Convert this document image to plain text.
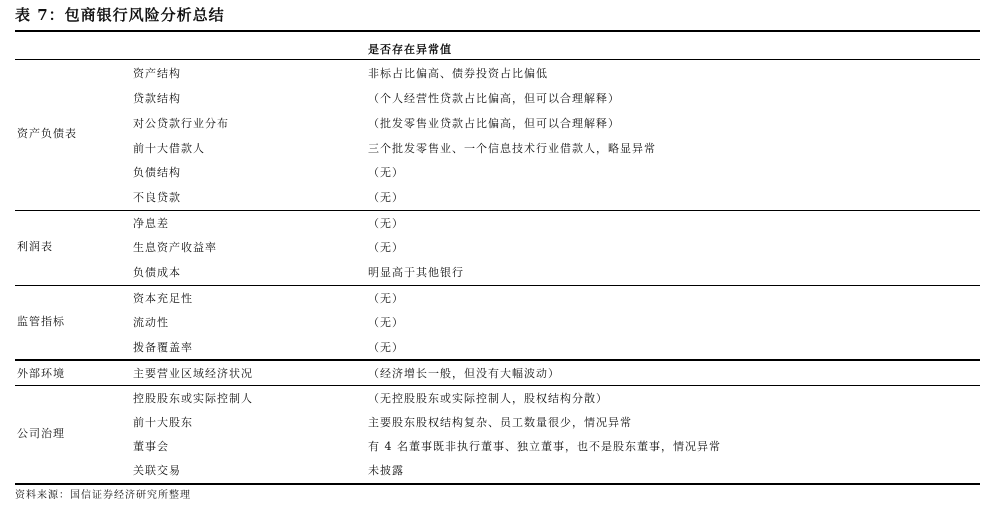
表 7：包商银行风险分析总结
是否存在异常值
资产负债表
资产结构	非标占比偏高、债券投资占比偏低
贷款结构	（个人经营性贷款占比偏高，但可以合理解释）
对公贷款行业分布	（批发零售业贷款占比偏高，但可以合理解释）
前十大借款人	三个批发零售业、一个信息技术行业借款人，略显异常
负债结构	（无）
不良贷款	（无）
利润表
净息差	（无）
生息资产收益率	（无）
负债成本	明显高于其他银行
监管指标
资本充足性	（无）
流动性	（无）
拨备覆盖率	（无）
外部环境	主要营业区域经济状况	（经济增长一般，但没有大幅波动）
公司治理
控股股东或实际控制人	（无控股股东或实际控制人，股权结构分散）
前十大股东	主要股东股权结构复杂、员工数量很少，情况异常
董事会	有 4 名董事既非执行董事、独立董事，也不是股东董事，情况异常
关联交易	未披露
资料来源：国信证券经济研究所整理
